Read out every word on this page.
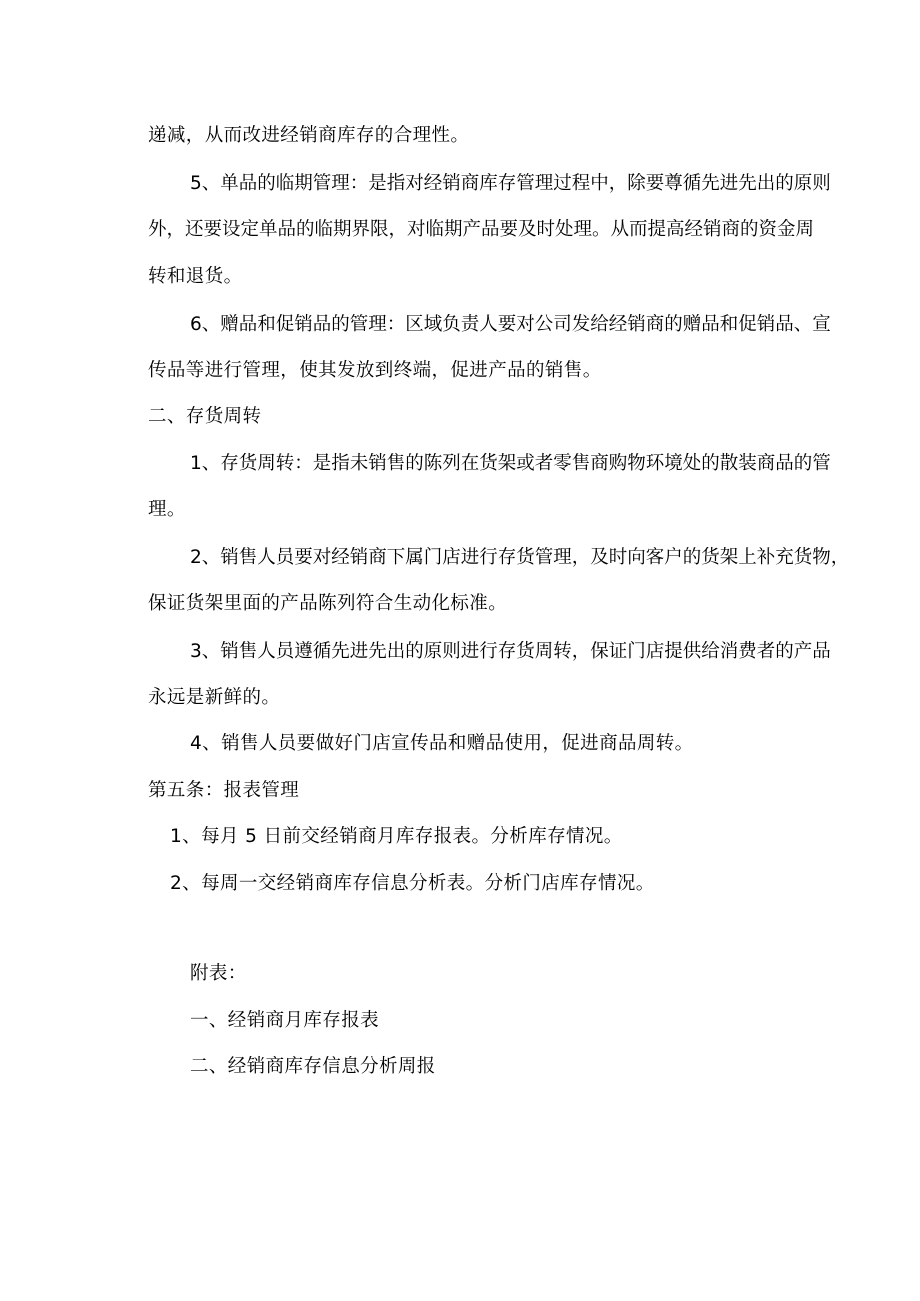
递减，从而改进经销商库存的合理性。
5、单品的临期管理：是指对经销商库存管理过程中，除要尊循先进先出的原则
外，还要设定单品的临期界限，对临期产品要及时处理。从而提高经销商的资金周
转和退货。
6、赠品和促销品的管理：区域负责人要对公司发给经销商的赠品和促销品、宣
传品等进行管理，使其发放到终端，促进产品的销售。
二、存货周转
1、存货周转：是指未销售的陈列在货架或者零售商购物环境处的散装商品的管
理。
2、销售人员要对经销商下属门店进行存货管理，及时向客户的货架上补充货物，
保证货架里面的产品陈列符合生动化标准。
3、销售人员遵循先进先出的原则进行存货周转，保证门店提供给消费者的产品
永远是新鲜的。
4、销售人员要做好门店宣传品和赠品使用，促进商品周转。
第五条：报表管理
1、每月 5 日前交经销商月库存报表。分析库存情况。
2、每周一交经销商库存信息分析表。分析门店库存情况。
附表：
一、经销商月库存报表
二、经销商库存信息分析周报
